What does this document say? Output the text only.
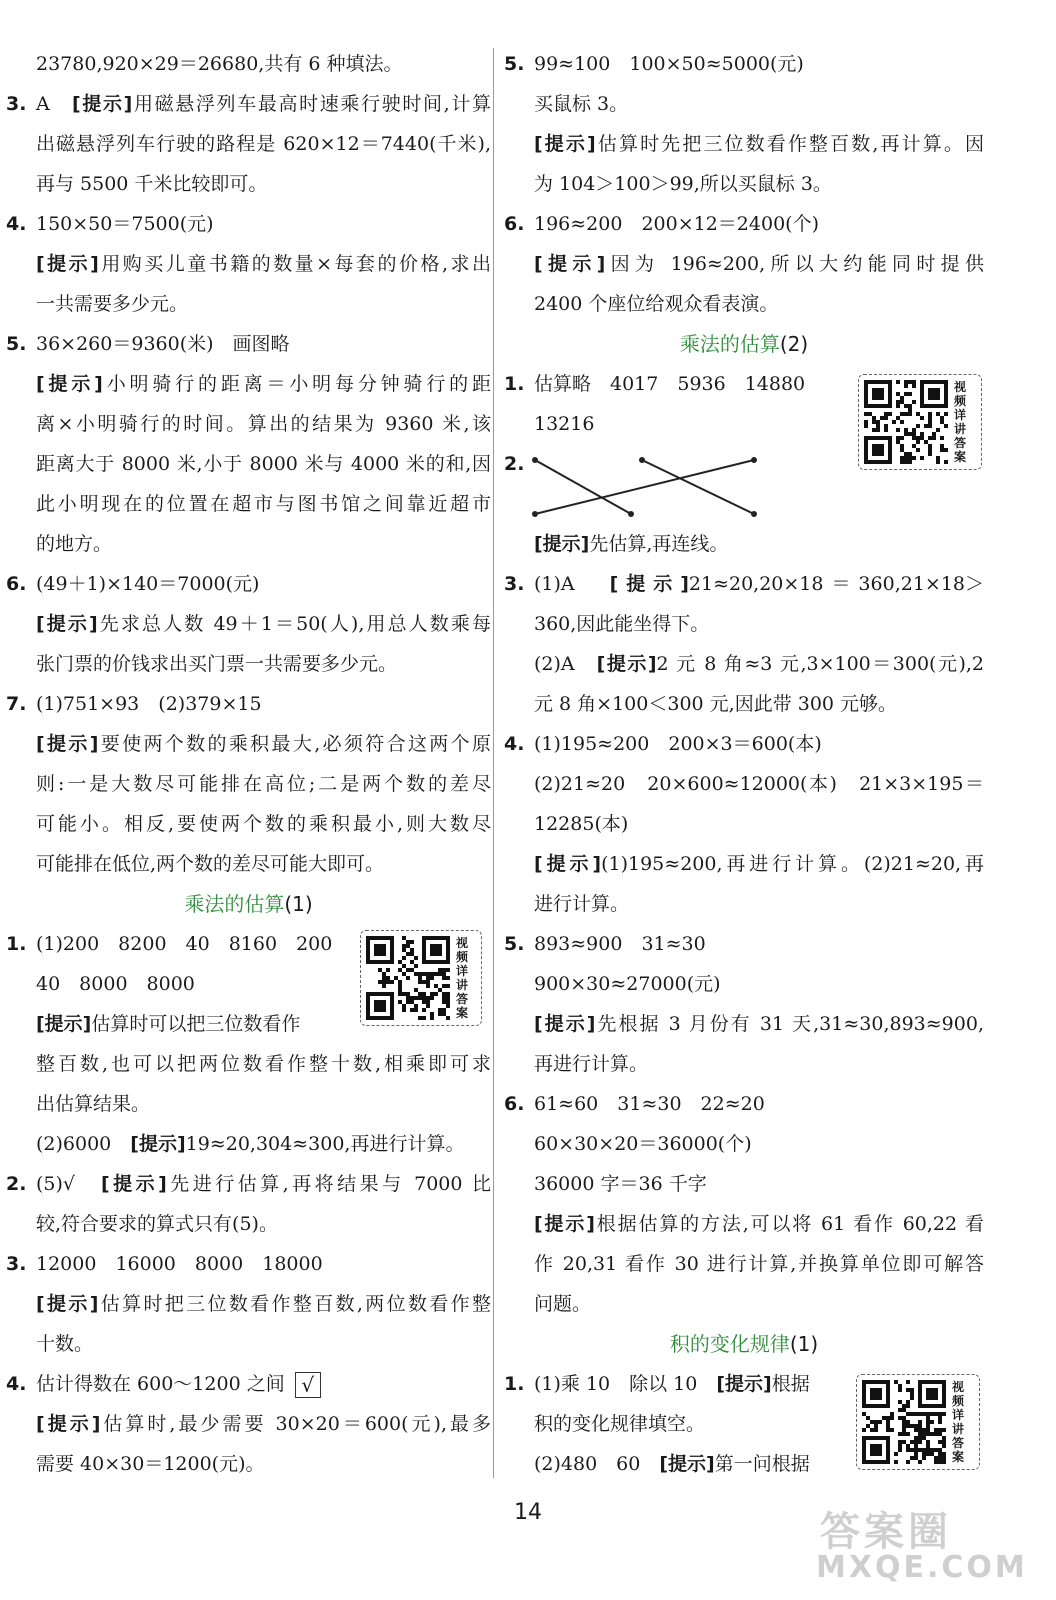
23780,920×29＝26680,共有 6 种填法。
3. A　[提示]用磁悬浮列车最高时速乘行驶时间,计算
出磁悬浮列车行驶的路程是 620×12＝7440(千米),
再与 5500 千米比较即可。
4. 150×50＝7500(元)
[提示]用购买儿童书籍的数量×每套的价格,求出
一共需要多少元。
5. 36×260＝9360(米)　画图略
[提示]小明骑行的距离＝小明每分钟骑行的距
离×小明骑行的时间。算出的结果为 9360 米,该
距离大于 8000 米,小于 8000 米与 4000 米的和,因
此小明现在的位置在超市与图书馆之间靠近超市
的地方。
6. (49＋1)×140＝7000(元)
[提示]先求总人数 49＋1＝50(人),用总人数乘每
张门票的价钱求出买门票一共需要多少元。
7. (1)751×93　(2)379×15
[提示]要使两个数的乘积最大,必须符合这两个原
则:一是大数尽可能排在高位;二是两个数的差尽
可能小。相反,要使两个数的乘积最小,则大数尽
可能排在低位,两个数的差尽可能大即可。
乘法的估算(1)
1. (1)200　8200　40　8160　200
40　8000　8000
[提示]估算时可以把三位数看作
整百数,也可以把两位数看作整十数,相乘即可求
出估算结果。
(2)6000　[提示]19≈20,304≈300,再进行计算。
2. (5)√　[提示]先进行估算,再将结果与 7000 比
较,符合要求的算式只有(5)。
3. 12000　16000　8000　18000
[提示]估算时把三位数看作整百数,两位数看作整
十数。
4. 估计得数在 600～1200 之间 √
[提示]估算时,最少需要 30×20＝600(元),最多
需要 40×30＝1200(元)。
5. 99≈100　100×50≈5000(元)
买鼠标 3。
[提示]估算时先把三位数看作整百数,再计算。因
为 104＞100＞99,所以买鼠标 3。
6. 196≈200　200×12＝2400(个)
[提示]因为 196≈200,所以大约能同时提供
2400 个座位给观众看表演。
乘法的估算(2)
1. 估算略　4017　5936　14880
13216
2.
[提示]先估算,再连线。
3. (1)A　[提示]21≈20,20×18＝360,21×18＞
360,因此能坐得下。
(2)A　[提示]2 元 8 角≈3 元,3×100＝300(元),2
元 8 角×100＜300 元,因此带 300 元够。
4. (1)195≈200　200×3＝600(本)
(2)21≈20　20×600≈12000(本)　21×3×195＝
12285(本)
[提示](1)195≈200,再进行计算。(2)21≈20,再
进行计算。
5. 893≈900　31≈30
900×30≈27000(元)
[提示]先根据 3 月份有 31 天,31≈30,893≈900,
再进行计算。
6. 61≈60　31≈30　22≈20
60×30×20＝36000(个)
36000 字＝36 千字
[提示]根据估算的方法,可以将 61 看作 60,22 看
作 20,31 看作 30 进行计算,并换算单位即可解答
问题。
积的变化规律(1)
1. (1)乘 10　除以 10　[提示]根据
积的变化规律填空。
(2)480　60　[提示]第一问根据
视频详讲答案
视频详讲答案
视频详讲答案
14	答案圈
MXQE.COM
